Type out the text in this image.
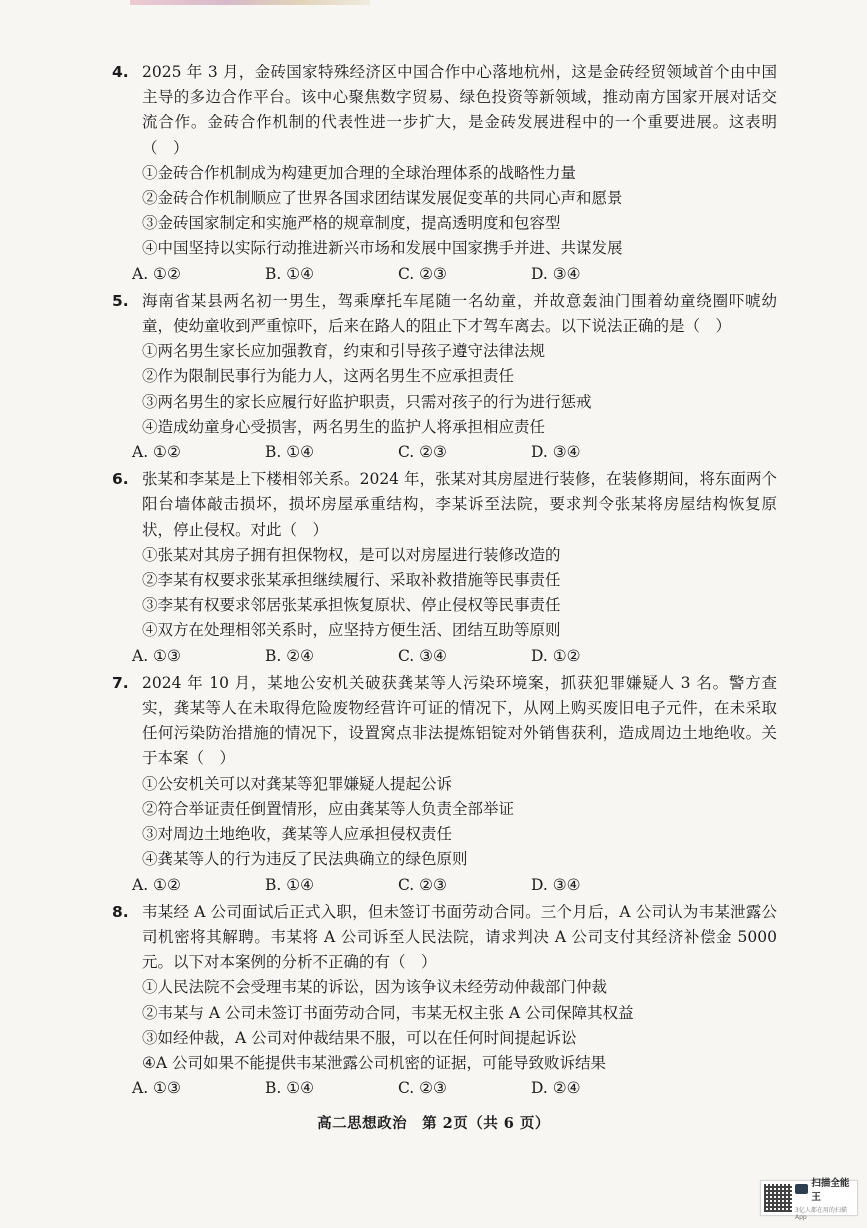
4. 2025 年 3 月，金砖国家特殊经济区中国合作中心落地杭州，这是金砖经贸领域首个由中国主导的多边合作平台。该中心聚焦数字贸易、绿色投资等新领域，推动南方国家开展对话交流合作。金砖合作机制的代表性进一步扩大，是金砖发展进程中的一个重要进展。这表明（　）
①金砖合作机制成为构建更加合理的全球治理体系的战略性力量
②金砖合作机制顺应了世界各国求团结谋发展促变革的共同心声和愿景
③金砖国家制定和实施严格的规章制度，提高透明度和包容型
④中国坚持以实际行动推进新兴市场和发展中国家携手并进、共谋发展
A. ①②	B. ①④	C. ②③	D. ③④
5. 海南省某县两名初一男生，驾乘摩托车尾随一名幼童，并故意轰油门围着幼童绕圈吓唬幼童，使幼童收到严重惊吓，后来在路人的阻止下才驾车离去。以下说法正确的是（　）
①两名男生家长应加强教育，约束和引导孩子遵守法律法规
②作为限制民事行为能力人，这两名男生不应承担责任
③两名男生的家长应履行好监护职责，只需对孩子的行为进行惩戒
④造成幼童身心受损害，两名男生的监护人将承担相应责任
A. ①②	B. ①④	C. ②③	D. ③④
6. 张某和李某是上下楼相邻关系。2024 年，张某对其房屋进行装修，在装修期间，将东面两个阳台墙体敲击损坏，损坏房屋承重结构，李某诉至法院，要求判令张某将房屋结构恢复原状，停止侵权。对此（　）
①张某对其房子拥有担保物权，是可以对房屋进行装修改造的
②李某有权要求张某承担继续履行、采取补救措施等民事责任
③李某有权要求邻居张某承担恢复原状、停止侵权等民事责任
④双方在处理相邻关系时，应坚持方便生活、团结互助等原则
A. ①③	B. ②④	C. ③④	D. ①②
7. 2024 年 10 月，某地公安机关破获龚某等人污染环境案，抓获犯罪嫌疑人 3 名。警方查实，龚某等人在未取得危险废物经营许可证的情况下，从网上购买废旧电子元件，在未采取任何污染防治措施的情况下，设置窝点非法提炼铝锭对外销售获利，造成周边土地绝收。关于本案（　）
①公安机关可以对龚某等犯罪嫌疑人提起公诉
②符合举证责任倒置情形，应由龚某等人负责全部举证
③对周边土地绝收，龚某等人应承担侵权责任
④龚某等人的行为违反了民法典确立的绿色原则
A. ①②	B. ①④	C. ②③	D. ③④
8. 韦某经 A 公司面试后正式入职，但未签订书面劳动合同。三个月后，A 公司认为韦某泄露公司机密将其解聘。韦某将 A 公司诉至人民法院，请求判决 A 公司支付其经济补偿金 5000 元。以下对本案例的分析不正确的有（　）
①人民法院不会受理韦某的诉讼，因为该争议未经劳动仲裁部门仲裁
②韦某与 A 公司未签订书面劳动合同，韦某无权主张 A 公司保障其权益
③如经仲裁，A 公司对仲裁结果不服，可以在任何时间提起诉讼
④A 公司如果不能提供韦某泄露公司机密的证据，可能导致败诉结果
A. ①③	B. ①④	C. ②③	D. ②④
高二思想政治　第 2页（共 6 页）
扫描全能王
3亿人都在用的扫描App
